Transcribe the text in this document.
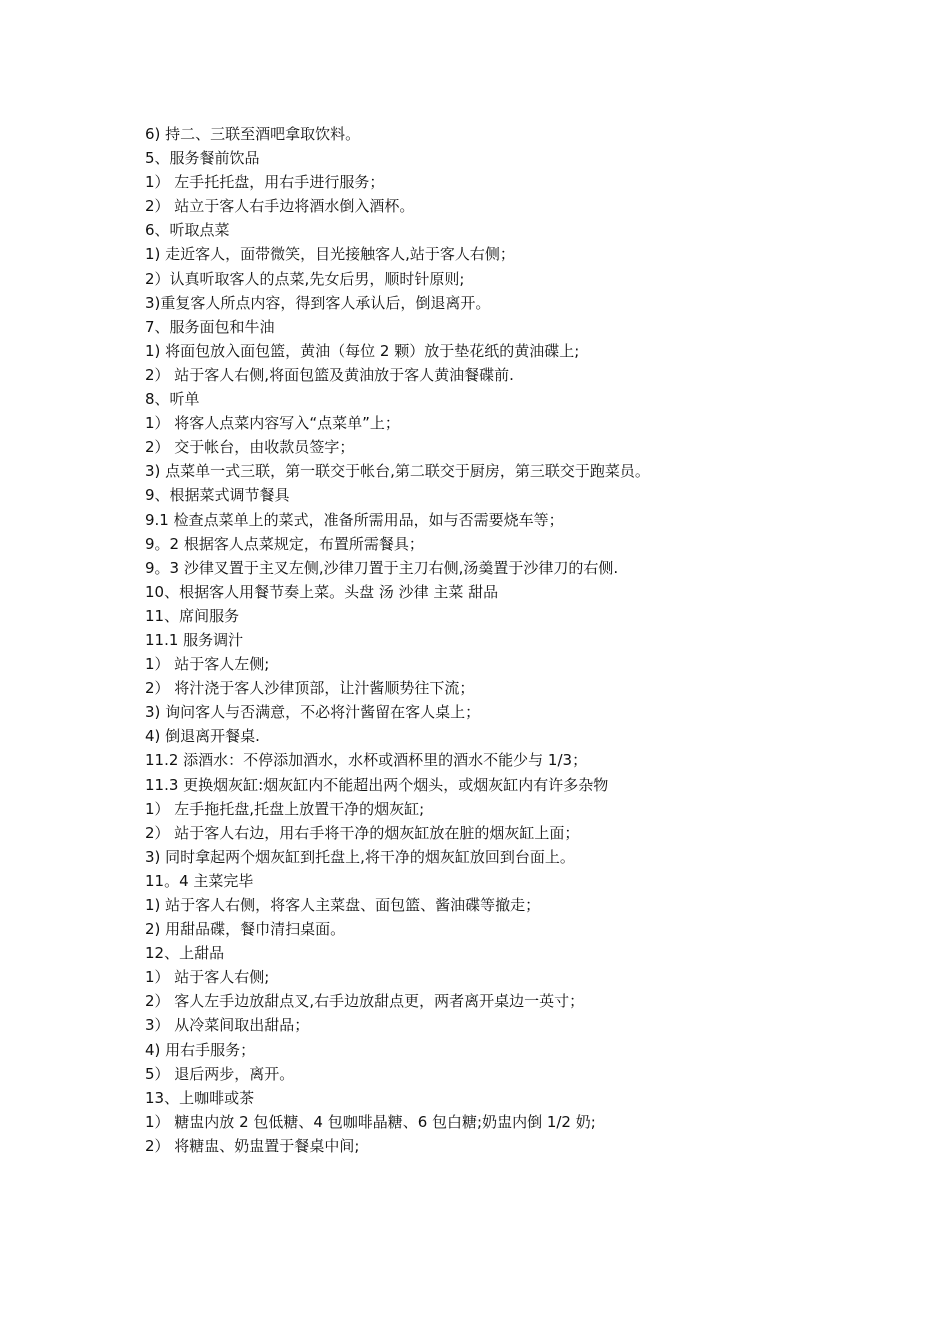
6) 持二、三联至酒吧拿取饮料。

5、服务餐前饮品

1） 左手托托盘，用右手进行服务；

2） 站立于客人右手边将酒水倒入酒杯。

6、听取点菜

1) 走近客人，面带微笑，目光接触客人,站于客人右侧；

2）认真听取客人的点菜,先女后男，顺时针原则;

3)重复客人所点内容，得到客人承认后，倒退离开。

7、服务面包和牛油

1) 将面包放入面包篮，黄油（每位 2 颗）放于垫花纸的黄油碟上;

2） 站于客人右侧,将面包篮及黄油放于客人黄油餐碟前.

8、听单

1） 将客人点菜内容写入“点菜单”上；

2） 交于帐台，由收款员签字；

3) 点菜单一式三联，第一联交于帐台,第二联交于厨房，第三联交于跑菜员。

9、根据菜式调节餐具

9.1 检查点菜单上的菜式，准备所需用品，如与否需要烧车等；

9。2 根据客人点菜规定，布置所需餐具；

9。3 沙律叉置于主叉左侧,沙律刀置于主刀右侧,汤羮置于沙律刀的右侧.

10、根据客人用餐节奏上菜。头盘 汤 沙律 主菜 甜品

11、席间服务

11.1 服务调汁

1） 站于客人左侧;

2） 将汁浇于客人沙律顶部，让汁酱顺势往下流；

3) 询问客人与否满意，不必将汁酱留在客人桌上；

4) 倒退离开餐桌.

11.2 添酒水：不停添加酒水，水杯或酒杯里的酒水不能少与 1/3；

11.3 更换烟灰缸:烟灰缸内不能超出两个烟头，或烟灰缸内有许多杂物

1） 左手拖托盘,托盘上放置干净的烟灰缸;

2） 站于客人右边，用右手将干净的烟灰缸放在脏的烟灰缸上面；

3) 同时拿起两个烟灰缸到托盘上,将干净的烟灰缸放回到台面上。

11。4 主菜完毕

1) 站于客人右侧，将客人主菜盘、面包篮、酱油碟等撤走；

2) 用甜品碟，餐巾清扫桌面。

12、上甜品

1） 站于客人右侧;

2） 客人左手边放甜点叉,右手边放甜点更，两者离开桌边一英寸；

3） 从冷菜间取出甜品；

4) 用右手服务；

5） 退后两步，离开。

13、上咖啡或茶

1） 糖盅内放 2 包低糖、4 包咖啡晶糖、6 包白糖;奶盅内倒 1/2 奶;

2） 将糖盅、奶盅置于餐桌中间;
